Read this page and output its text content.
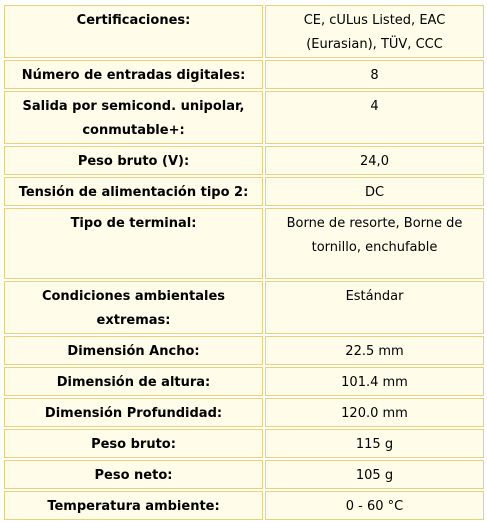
Certificaciones:	CE, cULus Listed, EAC (Eurasian), TÜV, CCC
Número de entradas digitales:	8
Salida por semicond. unipolar, conmutable+:	4
Peso bruto (V):	24,0
Tensión de alimentación tipo 2:	DC
Tipo de terminal:	Borne de resorte, Borne de tornillo, enchufable
Condiciones ambientales extremas:	Estándar
Dimensión Ancho:	22.5 mm
Dimensión de altura:	101.4 mm
Dimensión Profundidad:	120.0 mm
Peso bruto:	115 g
Peso neto:	105 g
Temperatura ambiente:	0 - 60 °C
